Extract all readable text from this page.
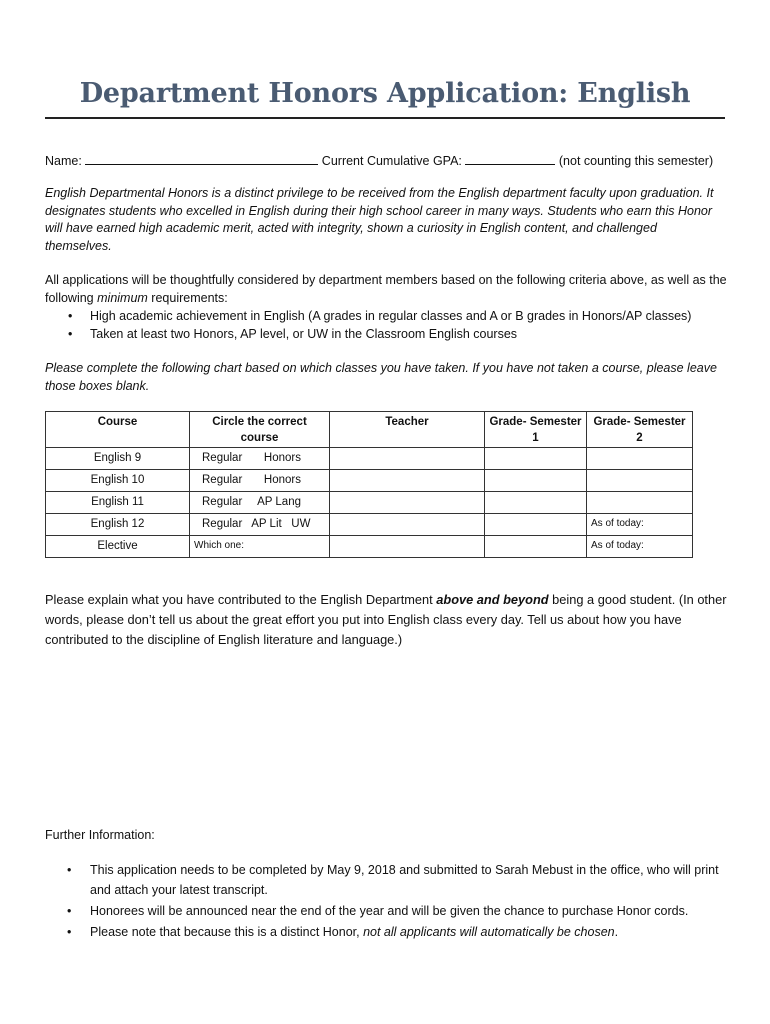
Department Honors Application: English
Name:	Current Cumulative GPA:	(not counting this semester)
English Departmental Honors is a distinct privilege to be received from the English department faculty upon graduation. It designates students who excelled in English during their high school career in many ways. Students who earn this Honor will have earned high academic merit, acted with integrity, shown a curiosity in English content, and challenged themselves.
All applications will be thoughtfully considered by department members based on the following criteria above, as well as the following minimum requirements:
• High academic achievement in English (A grades in regular classes and A or B grades in Honors/AP classes)
• Taken at least two Honors, AP level, or UW in the Classroom English courses
Please complete the following chart based on which classes you have taken. If you have not taken a course, please leave those boxes blank.
Course	Circle the correct course	Teacher	Grade- Semester 1	Grade- Semester 2
English 9	Regular Honors			

English 10	Regular Honors			

English 11	Regular AP Lang			

English 12	Regular   AP Lit   UW			As of today:
Elective	Which one:			As of today:
Please explain what you have contributed to the English Department above and beyond being a good student. (In other words, please don’t tell us about the great effort you put into English class every day. Tell us about how you have contributed to the discipline of English literature and language.)
Further Information:
• This application needs to be completed by May 9, 2018 and submitted to Sarah Mebust in the office, who will print and attach your latest transcript.
• Honorees will be announced near the end of the year and will be given the chance to purchase Honor cords.
• Please note that because this is a distinct Honor, not all applicants will automatically be chosen.
